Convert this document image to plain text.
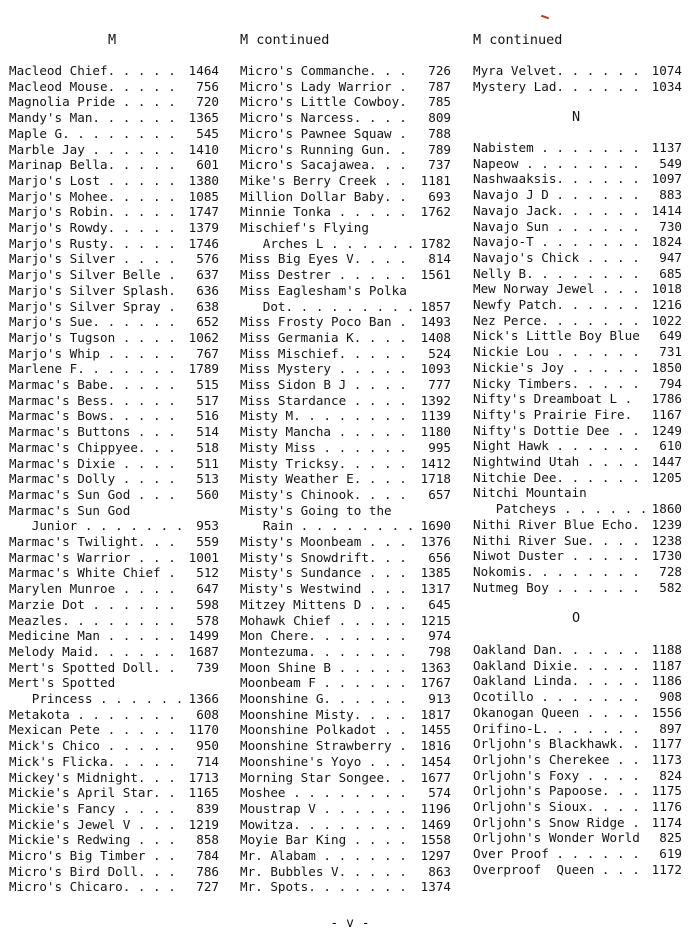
M
Macleod Chief. . . . . 1464
Macleod Mouse. . . . . 756
Magnolia Pride . . . . 720
Mandy's Man. . . . . . 1365
Maple G. . . . . . . . 545
Marble Jay . . . . . . 1410
Marinap Bella. . . . . 601
Marjo's Lost . . . . . 1380
Marjo's Mohee. . . . . 1085
Marjo's Robin. . . . . 1747
Marjo's Rowdy. . . . . 1379
Marjo's Rusty. . . . . 1746
Marjo's Silver . . . . 576
Marjo's Silver Belle . 637
Marjo's Silver Splash. 636
Marjo's Silver Spray . 638
Marjo's Sue. . . . . . 652
Marjo's Tugson . . . . 1062
Marjo's Whip . . . . . 767
Marlene F. . . . . . . 1789
Marmac's Babe. . . . . 515
Marmac's Bess. . . . . 517
Marmac's Bows. . . . . 516
Marmac's Buttons . . . 514
Marmac's Chippyee. . . 518
Marmac's Dixie . . . . 511
Marmac's Dolly . . . . 513
Marmac's Sun God . . . 560
Marmac's Sun God
Junior . . . . . . . 953
Marmac's Twilight. . . 559
Marmac's Warrior . . . 1001
Marmac's White Chief . 512
Marylen Munroe . . . . 647
Marzie Dot . . . . . . 598
Meazles. . . . . . . . 578
Medicine Man . . . . . 1499
Melody Maid. . . . . . 1687
Mert's Spotted Doll. . 739
Mert's Spotted
Princess . . . . . . 1366
Metakota . . . . . . . 608
Mexican Pete . . . . . 1170
Mick's Chico . . . . . 950
Mick's Flicka. . . . . 714
Mickey's Midnight. . . 1713
Mickie's April Star. . 1165
Mickie's Fancy . . . . 839
Mickie's Jewel V . . . 1219
Mickie's Redwing . . . 858
Micro's Big Timber . . 784
Micro's Bird Doll. . . 786
Micro's Chicaro. . . . 727
M continued
Micro's Commanche. . . 726
Micro's Lady Warrior . 787
Micro's Little Cowboy. 785
Micro's Narcess. . . . 809
Micro's Pawnee Squaw . 788
Micro's Running Gun. . 789
Micro's Sacajawea. . . 737
Mike's Berry Creek . . 1181
Million Dollar Baby. . 693
Minnie Tonka . . . . . 1762
Mischief's Flying
Arches L . . . . . . 1782
Miss Big Eyes V. . . . 814
Miss Destrer . . . . . 1561
Miss Eaglesham's Polka
Dot. . . . . . . . . 1857
Miss Frosty Poco Ban . 1493
Miss Germania K. . . . 1408
Miss Mischief. . . . . 524
Miss Mystery . . . . . 1093
Miss Sidon B J . . . . 777
Miss Stardance . . . . 1392
Misty M. . . . . . . . 1139
Misty Mancha . . . . . 1180
Misty Miss . . . . . . 995
Misty Tricksy. . . . . 1412
Misty Weather E. . . . 1718
Misty's Chinook. . . . 657
Misty's Going to the
Rain . . . . . . . . 1690
Misty's Moonbeam . . . 1376
Misty's Snowdrift. . . 656
Misty's Sundance . . . 1385
Misty's Westwind . . . 1317
Mitzey Mittens D . . . 645
Mohawk Chief . . . . . 1215
Mon Chere. . . . . . . 974
Montezuma. . . . . . . 798
Moon Shine B . . . . . 1363
Moonbeam F . . . . . . 1767
Moonshine G. . . . . . 913
Moonshine Misty. . . . 1817
Moonshine Polkadot . . 1455
Moonshine Strawberry . 1816
Moonshine's Yoyo . . . 1454
Morning Star Songee. . 1677
Moshee . . . . . . . . 574
Moustrap V . . . . . . 1196
Mowitza. . . . . . . . 1469
Moyie Bar King . . . . 1558
Mr. Alabam . . . . . . 1297
Mr. Bubbles V. . . . . 863
Mr. Spots. . . . . . . 1374
M continued
Myra Velvet. . . . . . 1074
Mystery Lad. . . . . . 1034
N
Nabistem . . . . . . . 1137
Napeow . . . . . . . . 549
Nashwaaksis. . . . . . 1097
Navajo J D . . . . . . 883
Navajo Jack. . . . . . 1414
Navajo Sun . . . . . . 730
Navajo-T . . . . . . . 1824
Navajo's Chick . . . . 947
Nelly B. . . . . . . . 685
Mew Norway Jewel . . . 1018
Newfy Patch. . . . . . 1216
Nez Perce. . . . . . . 1022
Nick's Little Boy Blue 649
Nickie Lou . . . . . . 731
Nickie's Joy . . . . . 1850
Nicky Timbers. . . . . 794
Nifty's Dreamboat L . 1786
Nifty's Prairie Fire. 1167
Nifty's Dottie Dee . . 1249
Night Hawk . . . . . . 610
Nightwind Utah . . . . 1447
Nitchie Dee. . . . . . 1205
Nitchi Mountain
Patcheys . . . . . . 1860
Nithi River Blue Echo. 1239
Nithi River Sue. . . . 1238
Niwot Duster . . . . . 1730
Nokomis. . . . . . . . 728
Nutmeg Boy . . . . . . 582
O
Oakland Dan. . . . . . 1188
Oakland Dixie. . . . . 1187
Oakland Linda. . . . . 1186
Ocotillo . . . . . . . 908
Okanogan Queen . . . . 1556
Orifino-L. . . . . . . 897
Orljohn's Blackhawk. . 1177
Orljohn's Cherekee . . 1173
Orljohn's Foxy . . . . 824
Orljohn's Papoose. . . 1175
Orljohn's Sioux. . . . 1176
Orljohn's Snow Ridge . 1174
Orljohn's Wonder World 825
Over Proof . . . . . . 619
Overproof  Queen . . . 1172
- v -
